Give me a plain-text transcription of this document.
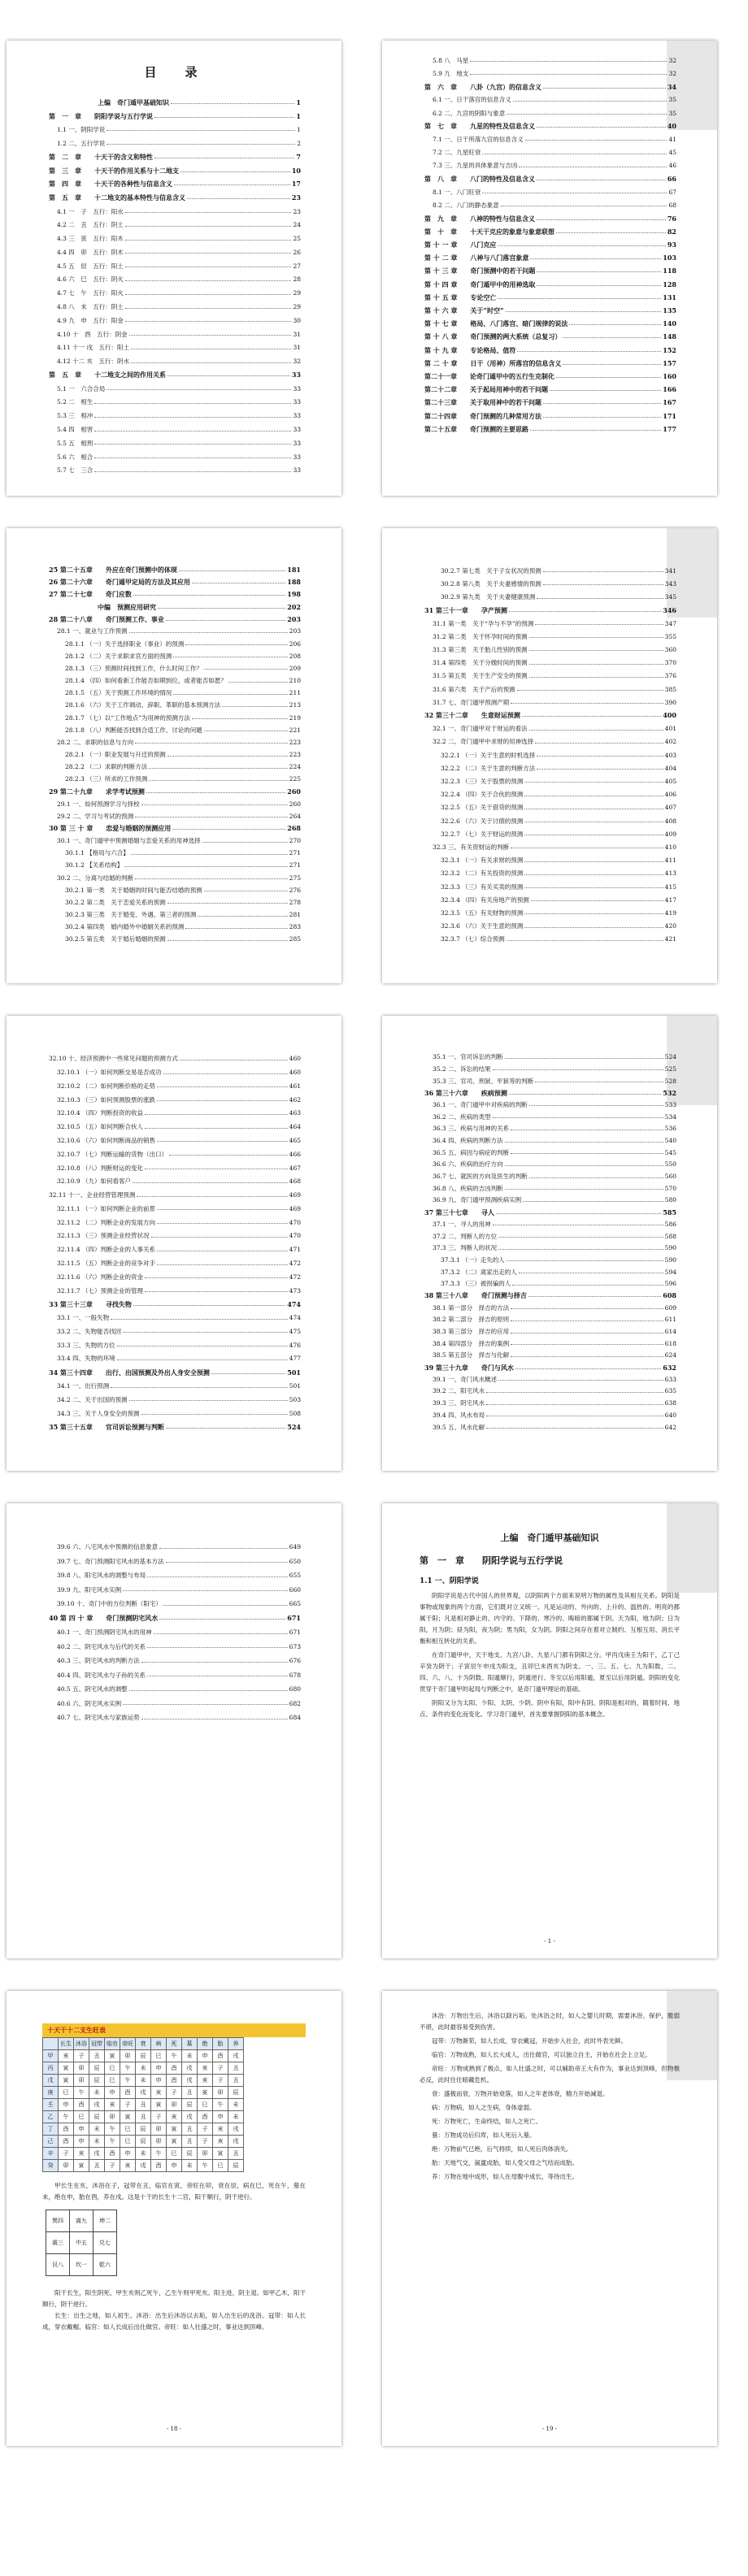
目　录
上编　奇门遁甲基础知识	1
第　一　章　　阴阳学说与五行学说	1
1.1 一、阴阳学说	1
1.2 二、五行学说	2
第　二　章　　十天干的含义和特性	7
第　三　章　　十天干的作用关系与十二地支	10
第　四　章　　十天干的各种性与信息含义	17
第　五　章　　十二地支的基本特性与信息含义	23
4.1 一　子　五行：阳水	23
4.2 二　丑　五行：阴土	24
4.3 三　寅　五行：阳木	25
4.4 四　卯　五行：阴木	26
4.5 五　辰　五行：阳土	27
4.6 六　巳　五行：阴火	28
4.7 七　午　五行：阳火	29
4.8 八　未　五行：阴土	29
4.9 九　申　五行：阳金	30
4.10 十　酉　五行：阴金	31
4.11 十一 戌　五行：阳土	31
4.12 十二 亥　五行：阴水	32
第　五　章　　十二地支之间的作用关系	33
5.1 一　六合合局	33
5.2 二　相生	33
5.3 三　相冲	33
5.4 四　相害	33
5.5 五　相刑	33
5.6 六　相合	33
5.7 七　三合	33
5.8 八　马星	32
5.9 九　地支	32
第　六　章　　八卦（九宫）的信息含义	34
6.1 一、日干落宫的信息含义	35
6.2 二、九宫的阴阳与象意	35
第　七　章　　九星的特性及信息含义	40
7.1 一、日干所落九宫的信息含义	41
7.2 二、九星旺衰	45
7.3 三、九星的具体象意与吉凶	46
第　八　章　　八门的特性及信息含义	66
8.1 一、八门旺衰	67
8.2 二、八门的静态象意	68
第　九　章　　八神的特性与信息含义	76
第　十　章　　十天干克应的象意与象意联想	82
第 十 一 章　　八门克应	93
第 十 二 章　　八神与八门落宫象意	103
第 十 三 章　　奇门预测中的若干问题	118
第 十 四 章　　奇门遁甲中的用神选取	128
第 十 五 章　　专论空亡	131
第 十 六 章　　关于“时空”	135
第 十 七 章　　格局、八门落宫、暗门规律的说法	140
第 十 八 章　　奇门预测的两大系统（总复习）	148
第 十 九 章　　专论格局、值符	152
第 二 十 章　　日干（用神）所落宫的信息含义	157
第二十一章　　论奇门遁甲中的五行生克制化	160
第二十二章　　关于起局用神中的若干问题	166
第二十三章　　关于取用神中的若干问题	167
第二十四章　　奇门预测的几种常用方法	171
第二十五章　　奇门预测的主要思路	177
25 第二十五章　　外应在奇门预测中的体现	181
26 第二十六章　　奇门遁甲定局的方法及其应用	188
27 第二十七章　　奇门应数	198
中编　预测应用研究	202
28 第二十八章　　奇门预测工作、事业	203
28.1 一、就业与工作预测	203
28.1.1 （一）关于选择职业（事业）的预测	206
28.1.2 （二）关于求职求官方面的预测	208
28.1.3 （三）预测时间找到工作，什么时间工作？	209
28.1.4 （四）如何看新工作能否如期到位，或者能否如愿？	210
28.1.5 （五）关于预测工作环境的情况	211
28.1.6 （六）关于工作调动、辞职、革职的基本预测方法	213
28.1.7 （七）以“工作地点”为用神的预测方法	219
28.1.8 （八）判断能否找到合适工作、讨论的问题	221
28.2 二、求职的信息与方向	223
28.2.1 （一）职业发展与升迁的预测	223
28.2.2 （二）求职的判断方法	224
28.2.3 （三）所求的工作预测	225
29 第二十九章　　求学考试预测	260
29.1 一、如何预测学习与择校	260
29.2 二、学习与考试的预测	264
30 第 三 十 章　　恋爱与婚姻的预测应用	268
30.1 一、奇门遁甲中预测婚姻与恋爱关系的用神选择	270
30.1.1 【格局与六合】	271
30.1.2 【关系结构】	271
30.2 二、分离与结婚的判断	275
30.2.1 第一类　关于婚姻的时间与能否结婚的预测	276
30.2.2 第二类　关于恋爱关系的预测	278
30.2.3 第三类　关于婚变、外遇、第三者的预测	281
30.2.4 第四类　婚内婚外中婚姻关系的预测	283
30.2.5 第五类　关于婚后婚姻的预测	285
30.2.7 第七类　关于子女状况的预测	341
30.2.8 第八类　关于夫妻感情的预测	343
30.2.9 第九类　关于夫妻健康预测	345
31 第三十一章　　孕产预测	346
31.1 第一类　关于“孕与不孕”的预测	347
31.2 第二类　关于怀孕时间的预测	355
31.3 第三类　关于胎儿性别的预测	360
31.4 第四类　关于分娩时间的预测	370
31.5 第五类　关于生产安全的预测	376
31.6 第六类　关于产后的预测	385
31.7 七、奇门遁甲预测产期	390
32 第三十二章　　生意财运预测	400
32.1 一、奇门遁甲对于财运的看法	401
32.2 二、奇门遁甲中求财的用神选择	402
32.2.1 （一）关于生意的时机选择	403
32.2.2 （二）关于生意的判断方法	404
32.2.3 （三）关于股票的预测	405
32.2.4 （四）关于合伙的预测	406
32.2.5 （五）关于借贷的预测	407
32.2.6 （六）关于讨债的预测	408
32.2.7 （七）关于财运的预测	409
32.3 三、有关资财运的判断	410
32.3.1 （一）有关求财的预测	411
32.3.2 （二）有关投资的预测	413
32.3.3 （三）有关买卖的预测	415
32.3.4 （四）有关房地产的预测	417
32.3.5 （五）有关财物的预测	419
32.3.6 （六）关于生意的预测	420
32.3.7 （七）综合预测	421
32.10 十、经济预测中一些常见问题的预测方式	460
32.10.1 （一）如何判断交易是否成功	460
32.10.2 （二）如何判断价格的走势	461
32.10.3 （三）如何预测股票的涨跌	462
32.10.4 （四）判断投资的收益	463
32.10.5 （五）如何判断合伙人	464
32.10.6 （六）如何判断商品的销售	465
32.10.7 （七）判断运输的货物（出口）	466
32.10.8 （八）判断财运的变化	467
32.10.9 （九）如何看客户	468
32.11 十一、企业经营管理预测	469
32.11.1 （一）如何判断企业的前景	469
32.11.2 （二）判断企业的发展方向	470
32.11.3 （三）预测企业经营状况	470
32.11.4 （四）判断企业的人事关系	471
32.11.5 （五）判断企业的竞争对手	472
32.11.6 （六）判断企业的资金	472
32.11.7 （七）预测企业的管理	473
33 第三十三章　　寻找失物	474
33.1 一、一般失物	474
33.2 二、失物能否找回	475
33.3 三、失物的方位	476
33.4 四、失物的环境	477
34 第三十四章　　出行、出国预测及外出人身安全预测	501
34.1 一、出行预测	501
34.2 二、关于出国的预测	503
34.3 三、关于人身安全的预测	508
35 第三十五章　　官司诉讼预测与判断	524
35.1 一、官司诉讼的判断	524
35.2 二、诉讼的结果	525
35.3 三、官司、刑狱、牢狱等的判断	528
36 第三十六章　　疾病预测	532
36.1 一、奇门遁甲中对疾病的判断	533
36.2 二、疾病的类型	534
36.3 三、疾病与用神的关系	536
36.4 四、疾病的判断方法	540
36.5 五、病因与病症的判断	545
36.6 六、疾病的治疗方向	550
36.7 七、就医的方向及医生的判断	560
36.8 八、疾病的吉凶判断	570
36.9 九、奇门遁甲预测疾病实例	580
37 第三十七章　　寻人	585
37.1 一、寻人的用神	586
37.2 二、判断人的方位	588
37.3 三、判断人的状况	590
37.3.1 （一）走失的人	590
37.3.2 （二）离家出走的人	594
37.3.3 （三）被拐骗的人	596
38 第三十八章　　奇门预测与择吉	608
38.1 第一部分　择吉的方法	609
38.2 第二部分　择吉的原则	611
38.3 第三部分　择吉的应用	614
38.4 第四部分　择吉的案例	618
38.5 第五部分　择吉与化解	624
39 第三十九章　　奇门与风水	632
39.1 一、奇门风水概述	633
39.2 二、阳宅风水	635
39.3 三、阴宅风水	638
39.4 四、风水布局	640
39.5 五、风水化解	642
39.6 六、八宅风水中预测的信息象意	649
39.7 七、奇门预测阳宅风水的基本方法	650
39.8 八、阳宅风水的调整与布局	655
39.9 九、阳宅风水实例	660
39.10 十、奇门中的方位判断（阳宅）	665
40 第 四 十 章　　奇门预测阴宅风水	671
40.1 一、奇门预测阴宅风水的用神	671
40.2 二、阴宅风水与后代的关系	673
40.3 三、阴宅风水的判断方法	676
40.4 四、阴宅风水与子孙的关系	678
40.5 五、阴宅风水的调整	680
40.6 六、阴宅风水实例	682
40.7 七、阴宅风水与家族运势	684
上编　奇门遁甲基础知识
第　一　章　　阴阳学说与五行学说
1.1 一、阴阳学说
阴阳学说是古代中国人的世界观，以阴阳两个方面来说明万物的属性及其相互关系。阴阳是事物或现象的两个方面，它们既对立又统一。凡是运动的、外向的、上升的、温热的、明亮的都属于阳；凡是相对静止的、内守的、下降的、寒冷的、晦暗的都属于阴。天为阳，地为阴；日为阳，月为阴；昼为阳，夜为阴；男为阳，女为阴。阴阳之间存在着对立制约、互根互用、消长平衡和相互转化的关系。
在奇门遁甲中，天干地支、九宫八卦、九星八门都有阴阳之分。甲丙戊庚壬为阳干，乙丁己辛癸为阴干；子寅辰午申戌为阳支，丑卯巳未酉亥为阴支。一、三、五、七、九为阳数，二、四、六、八、十为阴数。阳遁顺行，阴遁逆行。冬至以后用阳遁，夏至以后用阴遁。阴阳的变化贯穿于奇门遁甲的起局与判断之中，是奇门遁甲理论的基础。
阴阳又分为太阳、少阳、太阴、少阴。阴中有阳，阳中有阴。阴阳是相对的，随着时间、地点、条件的变化而变化。学习奇门遁甲，首先要掌握阴阳的基本概念。
- 1 -
十天干十二支生旺表
	长生	沐浴	冠带	临官	帝旺	衰	病	死	墓	绝	胎	养
甲	亥	子	丑	寅	卯	辰	巳	午	未	申	酉	戌
丙	寅	卯	辰	巳	午	未	申	酉	戌	亥	子	丑
戊	寅	卯	辰	巳	午	未	申	酉	戌	亥	子	丑
庚	巳	午	未	申	酉	戌	亥	子	丑	寅	卯	辰
壬	申	酉	戌	亥	子	丑	寅	卯	辰	巳	午	未
乙	午	巳	辰	卯	寅	丑	子	亥	戌	酉	申	未
丁	酉	申	未	午	巳	辰	卯	寅	丑	子	亥	戌
己	酉	申	未	午	巳	辰	卯	寅	丑	子	亥	戌
辛	子	亥	戌	酉	申	未	午	巳	辰	卯	寅	丑
癸	卯	寅	丑	子	亥	戌	酉	申	未	午	巳	辰
甲长生在亥，沐浴在子，冠带在丑，临官在寅，帝旺在卯，衰在辰，病在巳，死在午，墓在未，绝在申，胎在酉，养在戌。这是十干的长生十二宫，阳干顺行，阴干逆行。
巽四	离九	坤二
震三	中五	兑七
艮八	坎一	乾六
阳干长生，阳生阴死，甲生亥则乙死午，乙生午则甲死亥。阳主进，阴主退。如甲乙木，阳干顺行，阴干逆行。
长生：出生之地，如人初生。沐浴：出生后沐浴以去垢，如人出生后的洗浴。冠带：如人长成，穿衣戴帽。临官：如人长成后出仕做官。帝旺：如人壮盛之时，事业达到顶峰。
- 18 -
沐浴：万物出生后，沐浴以除污垢。处沐浴之时，如人之婴儿时期，需要沐浴、保护，脆弱不堪，此时最容易受到伤害。
冠带：万物渐荣，如人长成，穿衣戴冠，开始步入社会，此时外表光鲜。
临官：万物成熟，如人长大成人，出仕做官，可以独立自主，开始在社会上立足。
帝旺：万物成熟到了极点，如人壮盛之时，可以辅助帝王大有作为，事业达到顶峰，但物极必反，此时往往暗藏危机。
衰：盛极而衰，万物开始衰落，如人之年老体衰，精力开始减退。
病：万物病，如人之生病，身体虚弱。
死：万物死亡，生命终结，如人之死亡。
墓：万物成功后归库，如人死后入墓。
绝：万物前气已绝，后气将续，如人死后肉体消失。
胎：天地气交，氤氲成胎，如人受父母之气结而成胎。
养：万物在地中成形，如人在母腹中成长，等待出生。
- 19 -
